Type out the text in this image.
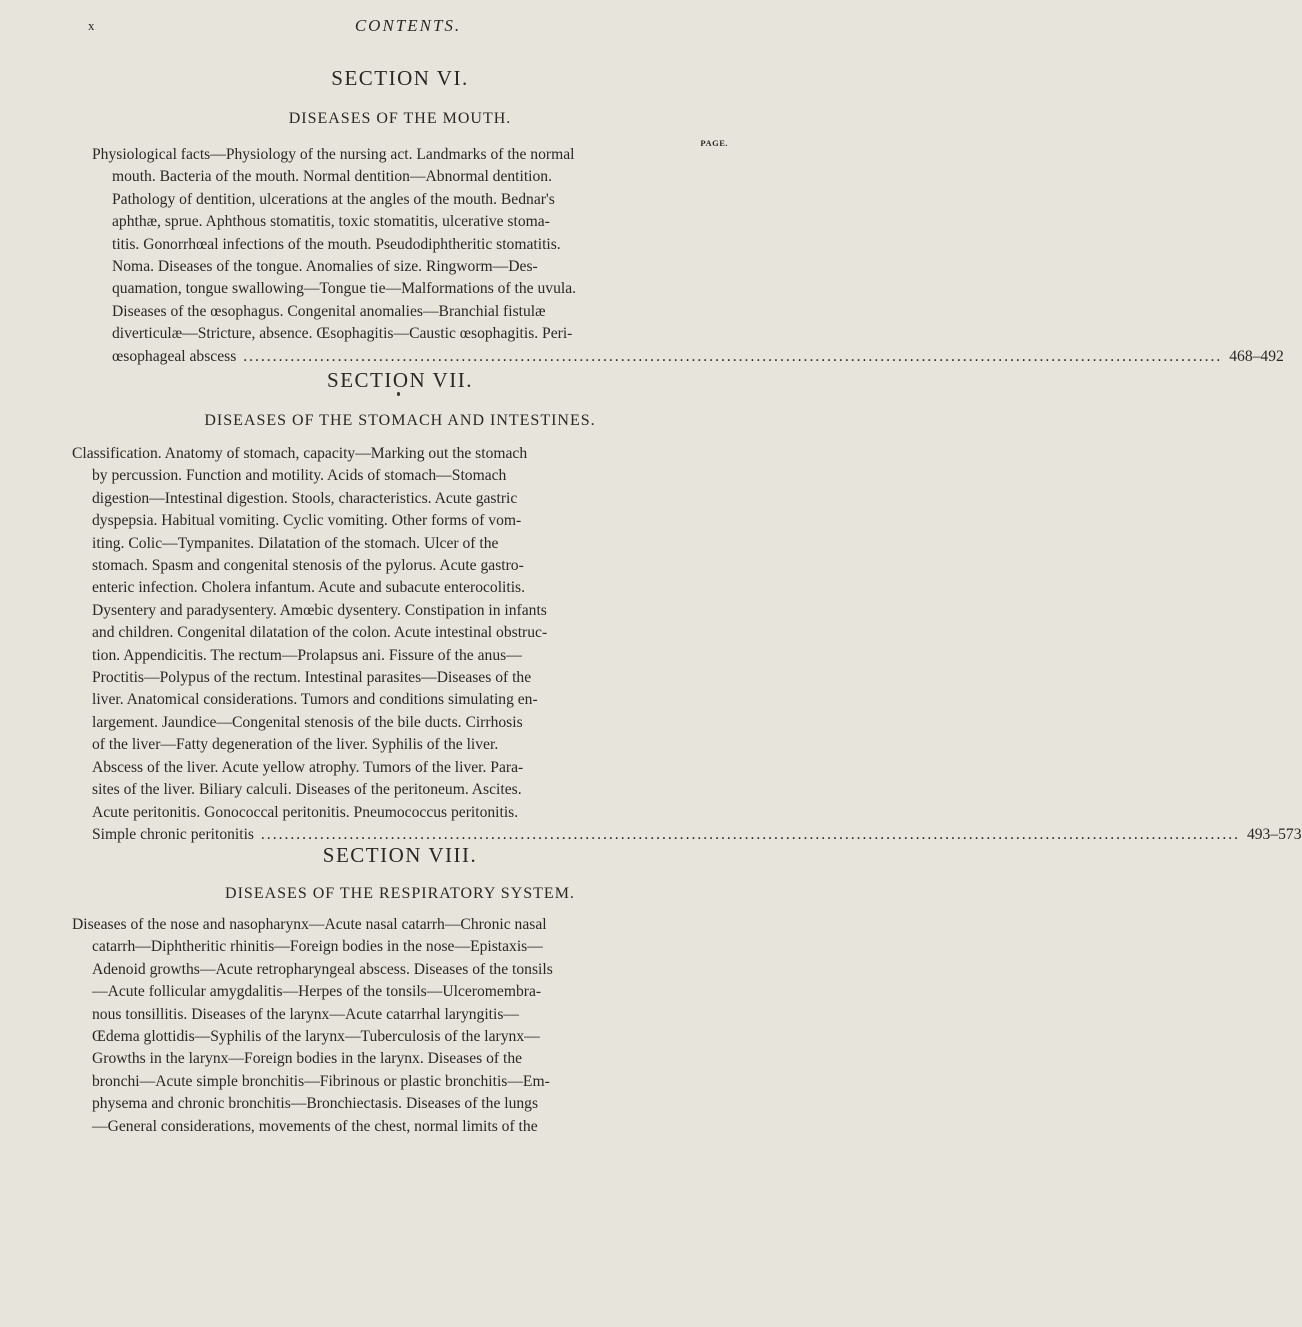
x	CONTENTS.
SECTION VI.
DISEASES OF THE MOUTH.
PAGE.
Physiological facts—Physiology of the nursing act. Landmarks of the normal
mouth. Bacteria of the mouth. Normal dentition—Abnormal dentition.
Pathology of dentition, ulcerations at the angles of the mouth. Bednar's
aphthæ, sprue. Aphthous stomatitis, toxic stomatitis, ulcerative stoma-
titis. Gonorrhœal infections of the mouth. Pseudodiphtheritic stomatitis.
Noma. Diseases of the tongue. Anomalies of size. Ringworm—Des-
quamation, tongue swallowing—Tongue tie—Malformations of the uvula.
Diseases of the œsophagus. Congenital anomalies—Branchial fistulæ
diverticulæ—Stricture, absence. Œsophagitis—Caustic œsophagitis. Peri-
œsophageal abscess .....	468–492
SECTION VII.
DISEASES OF THE STOMACH AND INTESTINES.
Classification. Anatomy of stomach, capacity—Marking out the stomach
by percussion. Function and motility. Acids of stomach—Stomach
digestion—Intestinal digestion. Stools, characteristics. Acute gastric
dyspepsia. Habitual vomiting. Cyclic vomiting. Other forms of vom-
iting. Colic—Tympanites. Dilatation of the stomach. Ulcer of the
stomach. Spasm and congenital stenosis of the pylorus. Acute gastro-
enteric infection. Cholera infantum. Acute and subacute enterocolitis.
Dysentery and paradysentery. Amœbic dysentery. Constipation in infants
and children. Congenital dilatation of the colon. Acute intestinal obstruc-
tion. Appendicitis. The rectum—Prolapsus ani. Fissure of the anus—
Proctitis—Polypus of the rectum. Intestinal parasites—Diseases of the
liver. Anatomical considerations. Tumors and conditions simulating en-
largement. Jaundice—Congenital stenosis of the bile ducts. Cirrhosis
of the liver—Fatty degeneration of the liver. Syphilis of the liver.
Abscess of the liver. Acute yellow atrophy. Tumors of the liver. Para-
sites of the liver. Biliary calculi. Diseases of the peritoneum. Ascites.
Acute peritonitis. Gonococcal peritonitis. Pneumococcus peritonitis.
Simple chronic peritonitis .....	493–573
SECTION VIII.
DISEASES OF THE RESPIRATORY SYSTEM.
Diseases of the nose and nasopharynx—Acute nasal catarrh—Chronic nasal
catarrh—Diphtheritic rhinitis—Foreign bodies in the nose—Epistaxis—
Adenoid growths—Acute retropharyngeal abscess. Diseases of the tonsils
—Acute follicular amygdalitis—Herpes of the tonsils—Ulceromembra-
nous tonsillitis. Diseases of the larynx—Acute catarrhal laryngitis—
Œdema glottidis—Syphilis of the larynx—Tuberculosis of the larynx—
Growths in the larynx—Foreign bodies in the larynx. Diseases of the
bronchi—Acute simple bronchitis—Fibrinous or plastic bronchitis—Em-
physema and chronic bronchitis—Bronchiectasis. Diseases of the lungs
—General considerations, movements of the chest, normal limits of the
